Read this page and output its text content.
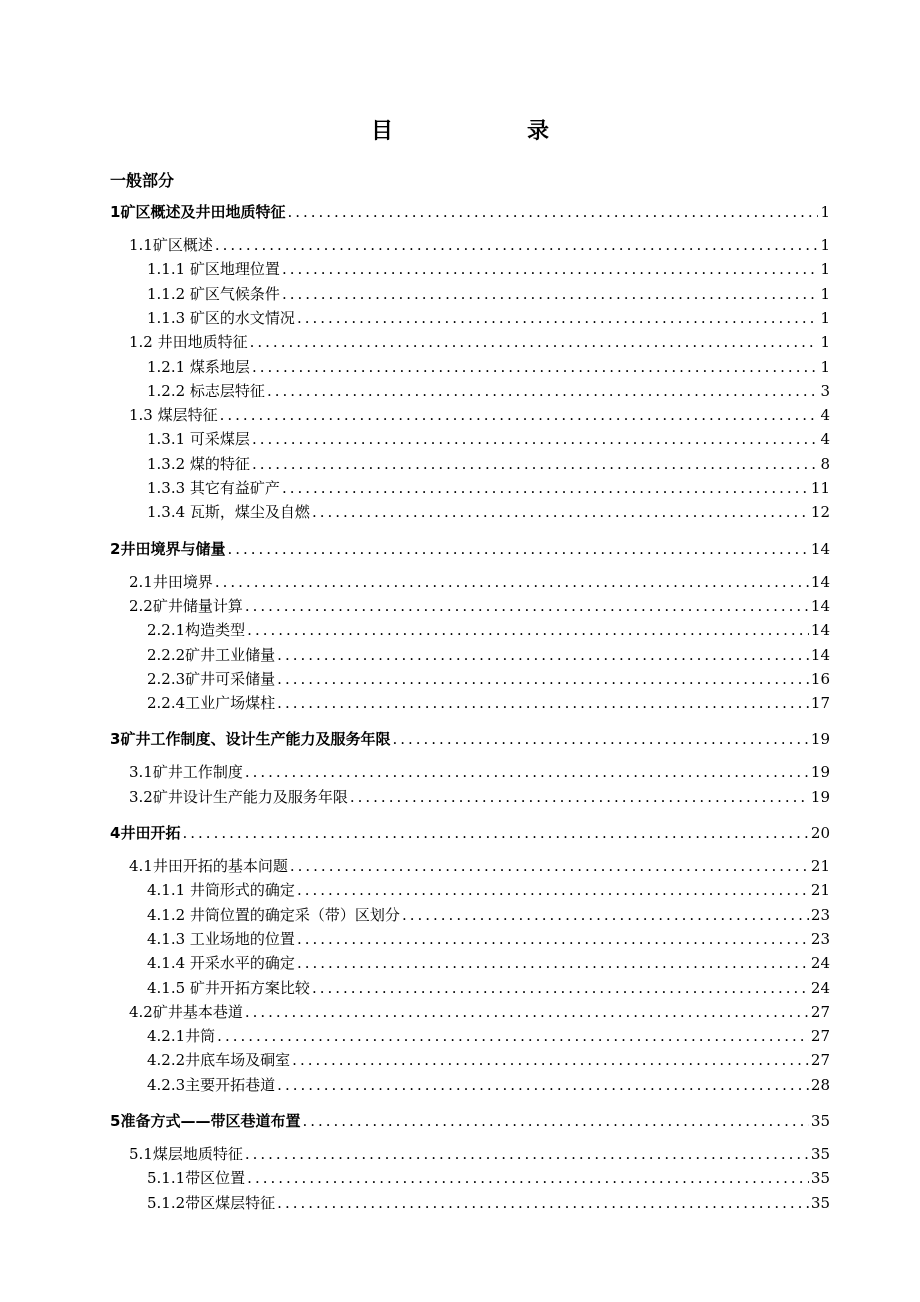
目　　录
一般部分
1 矿区概述及井田地质特征 .....	1
1.1矿区概述 .....	1
1.1.1 矿区地理位置 .....	1
1.1.2 矿区气候条件 .....	1
1.1.3 矿区的水文情况 .....	1
1.2 井田地质特征 .....	1
1.2.1 煤系地层 .....	1
1.2.2 标志层特征 .....	3
1.3 煤层特征 .....	4
1.3.1 可采煤层 .....	4
1.3.2 煤的特征 .....	8
1.3.3 其它有益矿产 .....	11
1.3.4 瓦斯，煤尘及自燃 .....	12
2 井田境界与储量 .....	14
2.1井田境界 .....	14
2.2矿井储量计算 .....	14
2.2.1构造类型 .....	14
2.2.2矿井工业储量 .....	14
2.2.3矿井可采储量 .....	16
2.2.4工业广场煤柱 .....	17
3 矿井工作制度、设计生产能力及服务年限 .....	19
3.1矿井工作制度 .....	19
3.2矿井设计生产能力及服务年限 .....	19
4 井田开拓 .....	20
4.1井田开拓的基本问题 .....	21
4.1.1 井筒形式的确定 .....	21
4.1.2 井筒位置的确定采（带）区划分 .....	23
4.1.3 工业场地的位置 .....	23
4.1.4 开采水平的确定 .....	24
4.1.5 矿井开拓方案比较 .....	24
4.2矿井基本巷道 .....	27
4.2.1井筒 .....	27
4.2.2井底车场及硐室 .....	27
4.2.3主要开拓巷道 .....	28
5 准备方式——带区巷道布置 .....	35
5.1煤层地质特征 .....	35
5.1.1带区位置 .....	35
5.1.2带区煤层特征 .....	35
